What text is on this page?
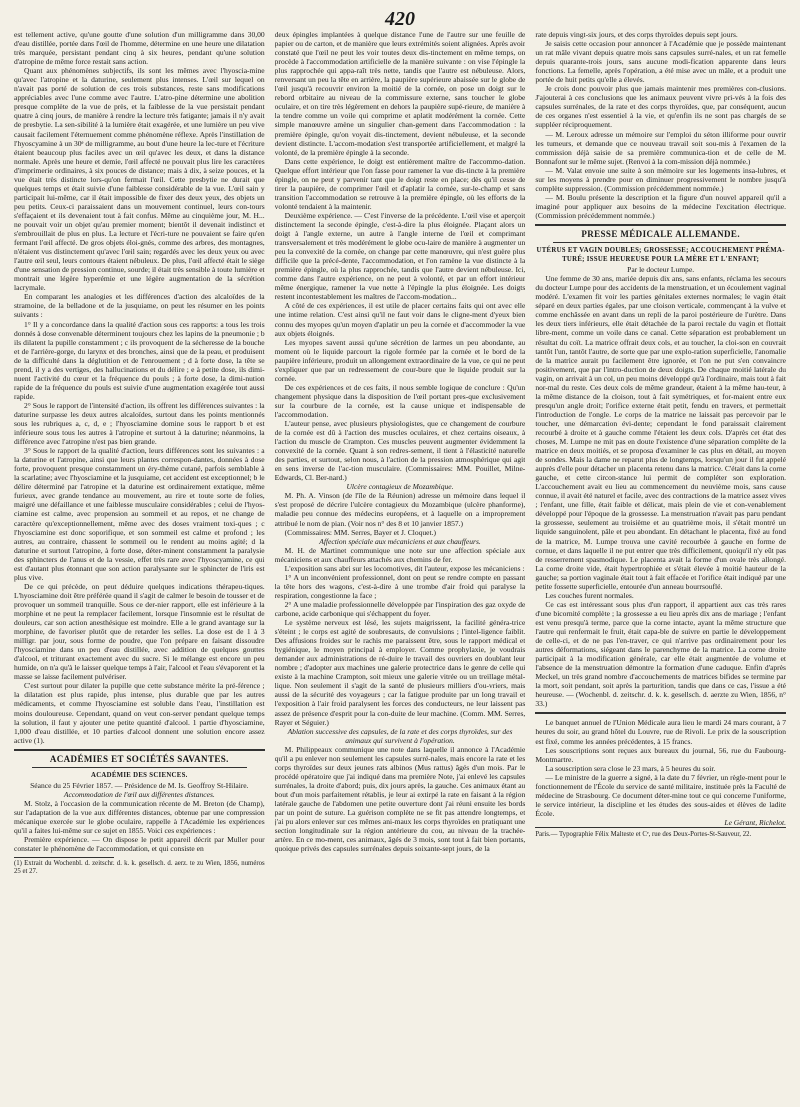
420

est tellement active, qu'une goutte d'une solution d'un milligramme dans 30,00 d'eau distillée, portée dans l'œil de l'homme, détermine en une heure une dilatation très marquée, persistant pendant cinq à six heures, pendant qu'une solution d'atropine de même force restait sans action.

Quant aux phénomènes subjectifs, ils sont les mêmes avec l'hyoscia-mine qu'avec l'atropine et la daturine, seulement plus intenses. L'œil sur lequel on n'avait pas porté de solution de ces trois substances, reste sans modifications appréciables avec l'une comme avec l'autre. L'atro-pine détermine une abolition presque complète de la vue de près, et la faiblesse de la vue persistait pendant quatre à cinq jours, de manière à rendre la lecture très fatigante; jamais il n'y avait de presbytie. La sen-sibilité à la lumière était exagérée, et une lumière un peu vive causait facilement l'éternuement comme phénomène réflexe. Après l'instillation de l'hyoscyamine à un 30ᵉ de milligramme, au bout d'une heure la lec-ture et l'écriture étaient beaucoup plus faciles avec un œil qu'avec les deux, et dans la distance normale. Après une heure et demie, l'œil affecté ne pouvait plus lire les caractères d'imprimerie ordinaires, à six pouces de distance; mais à dix, à seize pouces, et la vue était très distincte lors-qu'on fermait l'œil. Cette presbytie ne durait que quelques temps et était suivie d'une faiblesse considérable de la vue. L'œil sain y participait lui-même, car il était impossible de fixer des deux yeux, des objets un peu petits. Ceux-ci paraissaient dans un mouvement continuel, leurs con-tours s'effaçaient et ils devenaient tout à fait confus. Même au cinquième jour, M. H... ne pouvait voir un objet qu'au premier moment; bientôt il devenait indistinct et s'embrouillait de plus en plus. La lecture et l'écri-ture ne pouvaient se faire qu'en fermant l'œil affecté. De gros objets éloi-gnés, comme des arbres, des montagnes, n'étaient vus distinctement qu'avec l'œil sain; regardés avec les deux yeux ou avec l'autre œil seul, leurs contours étaient nébuleux. De plus, l'œil affecté était le siège d'une sensation de pression continue, sourde; il était très sensible à toute lumière et montrait une légère hyperémie et une légère augmentation de la sécrétion lacrymale.

En comparant les analogies et les différences d'action des alcaloïdes de la stramoine, de la belladone et de la jusquiame, on peut les résumer en les points suivants :

1° Il y a concordance dans la qualité d'action sous ces rapports: a tous les trois donnés à dose convenable déterminent toujours chez les lapins de la pneumonie ; b ils dilatent la pupille constamment ; c ils provoquent de la sécheresse de la bouche et de l'arrière-gorge, du larynx et des bronches, ainsi que de la peau, et produisent de la difficulté dans la déglutition et de l'enrouement ; d à forte dose, la tête se prend, il y a des vertiges, des hallucinations et du délire ; e à petite dose, ils dimi-nuent l'activité du cœur et la fréquence du pouls ; à forte dose, la dimi-nution rapide de la fréquence du pouls est suivie d'une augmentation exagérée tout aussi rapide.

2° Sous le rapport de l'intensité d'action, ils offrent les différences suivantes : la daturine surpasse les deux autres alcaloïdes, surtout dans les points mentionnés sous les rubriques a, c, d, e ; l'hyosciamine domine sous le rapport b et est inférieure sous tous les autres à l'atropine et surtout à la daturine; néanmoins, la différence avec l'atropine n'est pas bien grande.

3° Sous le rapport de la qualité d'action, leurs différences sont les suivantes : a la daturine et l'atropine, ainsi que leurs plantes correspon-dantes, données à dose forte, provoquent presque constamment un éry-thème cutané, parfois semblable à la scarlatine; avec l'hyosciamine et la jusquiame, cet accident est exceptionnel; b le délire déterminé par l'atropine et la daturine est ordinairement extatique, même furieux, avec grande tendance au mouvement, au rire et toute sorte de folies, maigré une défaillance et une faiblesse musculaire considérables ; celui de l'hyos-ciamine est calme, avec propension au sommeil et au repos, et ne change de caractère qu'exceptionnellement, même avec des doses vraiment toxi-ques ; c l'hyosciamine est donc soporifique, et son sommeil est calme et profond ; les autres, au contraire, chassent le sommeil ou le rendent au moins agité; d la daturine et surtout l'atropine, à forte dose, déter-minent constamment la paralysie des sphincters de l'anus et de la vessie, effet très rare avec l'hyoscyamine, ce qui est d'autant plus étonnant que son action paralysante sur le sphincter de l'iris est plus vive.

De ce qui précède, on peut déduire quelques indications thérapeu-tiques. L'hyosciamine doit être préférée quand il s'agit de calmer le besoin de tousser et de provoquer un sommeil tranquille. Sous ce der-nier rapport, elle est inférieure à la morphine et ne peut la remplacer facilement, lorsque l'insomnie est le résultat de douleurs, car son action anesthésique est moindre. Elle a le grand avantage sur la morphine, de favoriser plutôt que de retarder les selles. La dose est de 1 à 3 milligr. par jour, sous forme de poudre, que l'on prépare en faisant dissoudre l'hyosciamine dans un peu d'eau distillée, avec addition de quelques gouttes d'alcool, et triturant exactement avec du sucre. Si le mélange est encore un peu humide, on n'a qu'à le laisser quelque temps à l'air, l'alcool et l'eau s'évaporent et la masse se laisse facilement pulvériser.

C'est surtout pour dilater la pupille que cette substance mérite la pré-férence ; la dilatation est plus rapide, plus intense, plus durable que par les autres médicaments, et comme l'hyosciamine est soluble dans l'eau, l'instillation est moins douloureuse. Cependant, quand on veut con-server pendant quelque temps la solution, il faut y ajouter une petite quantité d'alcool. 1 partie d'hyosciamine, 1,000 d'eau distillée, et 10 parties d'alcool donnent une solution encore assez active (1).

ACADÉMIES ET SOCIÉTÉS SAVANTES.
ACADÉMIE DES SCIENCES.

Séance du 25 Février 1857. — Présidence de M. Is. Geoffroy St-Hilaire.

Accommodation de l'œil aux différentes distances.

M. Stolz, à l'occasion de la communication récente de M. Breton (de Champ), sur l'adaptation de la vue aux différentes distances, obtenue par une compression mécanique exercée sur le globe oculaire, rappelle à l'Académie les expériences qu'il a faites lui-même sur ce sujet en 1855. Voici ces expériences :

Première expérience. — On dispose le petit appareil décrit par Muller pour constater le phénomène de l'accommodation, et qui consiste en

(1) Extrait du Wochenbl. d. zeitschr. d. k. k. gesellsch. d. aerz. te zu Wien, 1856, numéros 25 et 27.

deux épingles implantées à quelque distance l'une de l'autre sur une feuille de papier ou de carton, et de manière que leurs extrémités soient alignées. Après avoir constaté que l'œil ne peut les voir toutes deux dis-tinctement en même temps, on procède à l'accommodation artificielle de la manière suivante : on vise l'épingle la plus rapprochée qui appa-raît très nette, tandis que l'autre est nébuleuse. Alors, renversant un peu la tête en arrière, la paupière supérieure abaissée sur le globe de l'œil jusqu'à recouvrir environ la moitié de la cornée, on pose un doigt sur le rebord orbitaire au niveau de la commissure externe, sans toucher le globe oculaire, et on tire très légèrement en dehors la paupière supé-rieure, de manière à la tendre comme un voile qui comprime et aplatit modérément la cornée. Cette simple manœuvre amène un singulier chan-gement dans l'accommodation : la première épingle, qu'on voyait dis-tinctement, devient nébuleuse, et la seconde devient distincte. L'accom-modation s'est transportée artificiellement, et malgré la volonté, de la première épingle à la seconde.

Dans cette expérience, le doigt est entièrement maître de l'accommo-dation. Quelque effort intérieur que l'on fasse pour ramener la vue dis-tincte à la première épingle, on ne peut y parvenir tant que le doigt reste en place; dès qu'il cesse de tirer la paupière, de comprimer l'œil et d'aplatir la cornée, sur-le-champ et sans transition l'accommodation se retrouve à la première épingle, où les efforts de la volonté tendaient à la maintenir.

Deuxième expérience. — C'est l'inverse de la précédente. L'œil vise et aperçoit distinctement la seconde épingle, c'est-à-dire la plus éloignée. Plaçant alors un doigt à l'angle externe, un autre à l'angle interne de l'œil et comprimant transversalement et très modérément le globe ocu-laire de manière à augmenter un peu la convexité de la cornée, on change par cette manœuvre, qui n'est guère plus difficile que la précé-dente, l'accommodation, et l'on ramène la vue distincte à la première épingle, où la plus rapprochée, tandis que l'autre devient nébuleuse. Ici, comme dans l'autre expérience, on ne peut à volonté, et par un effort intérieur même énergique, ramener la vue nette à l'épingle la plus éloignée. Les doigts restent incontestablement les maîtres de l'accom-modation...

A côté de ces expériences, il est utile de placer certains faits qui ont avec elle une intime relation. C'est ainsi qu'il ne faut voir dans le cligne-ment d'yeux bien connu des myopes qu'un moyen d'aplatir un peu la cornée et d'accommoder la vue aux objets éloignés.

Les myopes savent aussi qu'une sécrétion de larmes un peu abondante, au moment où le liquide parcourt la rigole formée par la cornée et le bord de la paupière inférieure, produit un allongement extraordinaire de la vue, ce qui ne peut s'expliquer que par un redressement de cour-bure que le liquide produit sur la cornée.

De ces expériences et de ces faits, il nous semble logique de conclure : Qu'un changement physique dans la disposition de l'œil portant pres-que exclusivement sur la courbure de la cornée, est la cause unique et indispensable de l'accommodation.

L'auteur pense, avec plusieurs physiologistes, que ce changement de courbure de la cornée est dû à l'action des muscles oculaires, et chez certains oiseaux, à l'action du muscle de Crampton. Ces muscles peuvent augmenter évidemment la convexité de la cornée. Quant à son redres-sement, il tient à l'élasticité naturelle des parties, et surtout, selon nous, à l'action de la pression atmosphérique qui agit en sens inverse de l'ac-tion musculaire. (Commissaires: MM. Pouillet, Milne-Edwards, Cl. Ber-nard.)

Ulcère contagieux de Mozambique.

M. Ph. A. Vinson (de l'île de la Réunion) adresse un mémoire dans lequel il s'est proposé de décrire l'ulcère contagieux du Mozambique (ulcère phanforme), maladie peu connue des médecins européens, et à laquelle on a improprement attribué le nom de pian. (Voir nos n° des 8 et 10 janvier 1857.)

(Commissaires: MM. Serres, Bayer et J. Cloquet.)

Affection spéciale aux mécaniciens et aux chauffeurs.

M. H. de Martinet communique une note sur une affection spéciale aux mécaniciens et aux chauffeurs attachés aux chemins de fer.

L'exposition sans abri sur les locomotives, dit l'auteur, expose les mécaniciens :

1° A un inconvénient professionnel, dont on peut se rendre compte en passant la tête hors des wagons, c'est-à-dire à une trombe d'air froid qui paralyse la respiration, congestionne la face ;

2° A une maladie professionnelle développée par l'inspiration des gaz oxyde de carbone, acide carbonique qui s'échappent du foyer.

Le système nerveux est lésé, les sujets maigrissent, la facilité généra-trice s'éteint ; le corps est agité de soubresauts, de convulsions ; l'intel-ligence faiblit. Des affusions froides sur le rachis me paraissent être, sous le rapport médical et hygiénique, le moyen principal à employer. Comme prophylaxie, je voudrais demander aux administrations de ré-duire le travail des ouvriers en doublant leur nombre ; d'adopter aux machines une galerie protectrice dans le genre de celle qui existe à la machine Crampton, soit mieux une galerie vitrée ou un treillage métal-lique. Non seulement il s'agit de la santé de plusieurs milliers d'ou-vriers, mais aussi de la sécurité des voyageurs ; car la fatigue produite par un long travail et l'exposition à l'air froid paralysent les forces des conducteurs, ne leur laissent pas assez de présence d'esprit pour la con-duite de leur machine. (Comm. MM. Serres, Rayer et Séguier.)

Ablation successive des capsules, de la rate et des corps thyroïdes, sur des animaux qui survivent à l'opération.

M. Philippeaux communique une note dans laquelle il annonce à l'Académie qu'il a pu enlever non seulement les capsules surré-nales, mais encore la rate et les corps thyroïdes sur deux jeunes rats albinos (Mus rattus) âgés d'un mois. Par le procédé opératoire que j'ai indiqué dans ma première Note, j'ai enlevé les capsules surrénales, la droite d'abord; puis, dix jours après, la gauche. Ces animaux étant au bout d'un mois parfaitement rétablis, je leur ai extirpé la rate en faisant à la région latérale gauche de l'abdomen une petite ouverture dont j'ai réuni ensuite les bords par un point de suture. La guérison complète ne se fit pas attendre longtemps, et j'ai pu alors enlever sur ces mêmes ani-maux les corps thyroïdes en pratiquant une section longitudinale sur la région antérieure du cou, au niveau de la trachée-artère. En ce mo-ment, ces animaux, âgés de 3 mois, sont tout à fait bien portants, quoique privés des capsules surrénales depuis soixante-sept jours, de la

rate depuis vingt-six jours, et des corps thyroïdes depuis sept jours.

Je saisis cette occasion pour annoncer à l'Académie que je possède maintenant un rat mâle vivant depuis quatre mois sans capsules surré-nales, et un rat femelle depuis quarante-trois jours, sans aucune modi-fication apparente dans leurs fonctions. La femelle, après l'opération, a été mise avec un mâle, et a produit une portée de huit petits qu'elle a élevés.

Je crois donc pouvoir plus que jamais maintenir mes premières con-clusions. J'ajouterai à ces conclusions que les animaux peuvent vivre pri-vés à la fois des capsules surrénales, de la rate et des corps thyroïdes, que, par conséquent, aucun de ces organes n'est essentiel à la vie, et qu'enfin ils ne sont pas chargés de se suppléer réciproquement.

— M. Leroux adresse un mémoire sur l'emploi du séton illiforme pour ouvrir les tumeurs, et demande que ce nouveau travail soit sou-mis à l'examen de la commission déjà saisie de sa première communica-tion et de celle de M. Bonnafont sur le même sujet. (Renvoi à la com-mission déjà nommée.)

— M. Valat envoie une suite à son mémoire sur les logements insa-lubres, et sur les moyens à prendre pour en diminuer progressivement le nombre jusqu'à complète suppression. (Commission précédemment nommée.)

— M. Boulu présente la description et la figure d'un nouvel appareil qu'il a imaginé pour appliquer aux besoins de la médecine l'excitation électrique. (Commission précédemment nommée.)

PRESSE MÉDICALE ALLEMANDE.
UTÉRUS ET VAGIN DOUBLES; GROSSESSE; ACCOUCHEMENT PRÉMA-TURÉ; ISSUE HEUREUSE POUR LA MÈRE ET L'ENFANT;

Par le docteur Lumpe.

Une femme de 30 ans, mariée depuis dix ans, sans enfants, réclama les secours du docteur Lumpe pour des accidents de la menstruation, et un écoulement vaginal modéré. L'examen fit voir les parties génitales externes normales; le vagin était séparé en deux parties égales, par une cloison verticale, commençant à la vulve et comme enchâssée en avant dans un repli de la paroi postérieure de l'urètre. Dans les deux tiers inférieurs, elle était détachée de la paroi rectale du vagin et flottait libre-ment, comme un voile dans ce canal. Cette séparation est probablement un résultat du coït. La matrice offrait deux cols, et au toucher, la cloi-son en couvrait tantôt l'un, tantôt l'autre, de sorte que par une explo-ration superficielle, l'anomalie de la matrice aurait pu facilement être ignorée, et l'on ne put s'en convaincre positivement, que par l'intro-duction de deux doigts. De chaque moitié latérale du vagin, on arrivait à un col, un peu moins développé qu'à l'ordinaire, mais tout à fait nor-mal du reste. Ces deux cols de même grandeur, étaient à la même hau-teur, à la même distance de la cloison, tout à fait symétriques, et for-maient entre eux presqu'un angle droit; l'orifice externe était petit, fendu en travers, et permettait l'introduction de l'ongle. Le corps de la matrice ne laissait pas percevoir par le toucher, une démarcation évi-dente; cependant le fond paraissait clairement recourbé à droite et à gauche comme l'étaient les deux cols. D'après cet état des choses, M. Lumpe ne mit pas en doute l'existence d'une séparation complète de la matrice en deux moitiés, et se proposa d'examiner le cas plus en détail, au moyen de sondes. Mais la dame ne reparut plus de longtemps, lorsqu'un jour il fut appelé auprès d'elle pour détacher un placenta retenu dans la matrice. C'était dans la corne gauche, et cette circon-stance lui permit de compléter son exploration. L'accouchement avait eu lieu au commencement du neuvième mois, sans cause connue, il avait été naturel et facile, avec des contractions de la matrice assez vives ; l'enfant, une fille, était faible et délicat, mais plein de vie et con-venablement développé pour l'époque de la grossesse. La menstruation n'avait pas paru pendant la grossesse, seulement au troisième et au quatrième mois, il s'était montré un liquide sanguinolent, pâle et peu abondant. En détachant le placenta, fixé au fond de la matrice, M. Lumpe trouva une cavité recourbée à gauche en forme de cornue, et dans laquelle il ne put entrer que très difficilement, quoiqu'il n'y eût pas de resserrement spasmodique. Le placenta avait la forme d'un ovale très allongé. La corne droite vide, était hypertrophiée et s'était élevée à moitié hauteur de la gauche; sa portion vaginale était tout à fait effacée et l'orifice était indiqué par une petite fossette superficielle, entourée d'un anneau bourrsouflé.

Les couches furent normales.

Ce cas est intéressant sous plus d'un rapport, il appartient aux cas très rares d'une bicornité complète ; la grossesse a eu lieu après dix ans de mariage ; l'enfant est venu presqu'à terme, parce que la corne intacte, ayant la même structure que l'autre qui renfermait le fruit, était capa-ble de suivre en partie le développement de celle-ci, et de ne pas l'en-traver, ce qui n'arrive pas ordinairement pour les autres déformations, siégeant dans le parenchyme de la matrice. La corne droite participait à la modification générale, car elle était augmentée de volume et l'absence de la menstruation démontre la formation d'une caduque. Enfin d'après Meckel, un très grand nombre d'accouchements de matrices bifides se termine par la mort, soit pendant, soit après la parturition, tandis que dans ce cas, l'issue a été heureuse. — (Wochenbl. d. zeitschr. d. k. k. gesellsch. d. aerzte zu Wien, 1856, n° 33.)

Le banquet annuel de l'Union Médicale aura lieu le mardi 24 mars courant, à 7 heures du soir, au grand hôtel du Louvre, rue de Rivoli. Le prix de la souscription est fixé, comme les années précédentes, à 15 francs.

Les souscriptions sont reçues aux bureaux du journal, 56, rue du Faubourg-Montmartre.

La souscription sera close le 23 mars, à 5 heures du soir.

— Le ministre de la guerre a signé, à la date du 7 février, un règle-ment pour le fonctionnement de l'École du service de santé militaire, instituée près la Faculté de médecine de Strasbourg. Ce document déter-mine tout ce qui concerne l'uniforme, le service intérieur, la discipline et les études des sous-aides et élèves de ladite École.

Le Gérant, Richelot.

Paris.— Typographie Félix Malteste et Cᵉ, rue des Deux-Portes-St-Sauveur, 22.
